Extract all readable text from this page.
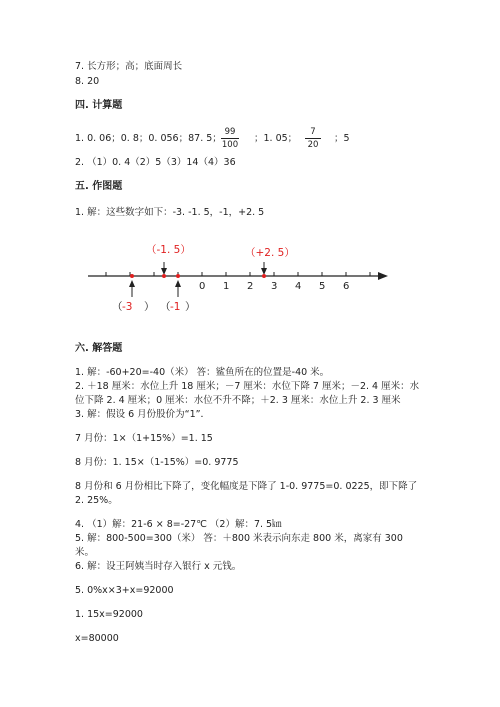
7. 长方形；高；底面周长
8. 20
四. 计算题
1. 0. 06；0. 8；0. 056；87. 5；
99
100
；1. 05；
7
20
；5
2. （1）0. 4（2）5（3）14（4）36
五. 作图题
1. 解：这些数字如下：-3. -1. 5，-1，+2. 5
0 1 2 3 4 5 6
（-1. 5）	（+2. 5）
（ -3 ） （ -1 ）
六. 解答题
1. 解：-60+20=-40（米） 答：鲨鱼所在的位置是-40 米。
2. ＋18 厘米：水位上升 18 厘米；－7 厘米：水位下降 7 厘米；－2. 4 厘米：水
位下降 2. 4 厘米；0 厘米：水位不升不降；＋2. 3 厘米：水位上升 2. 3 厘米
3. 解：假设 6 月份股价为“1”．
7 月份：1×（1+15%）=1. 15
8 月份：1. 15×（1-15%）=0. 9775
8 月份和 6 月份相比下降了，变化幅度是下降了 1-0. 9775=0. 0225，即下降了
2. 25%。
4. （1）解：21-6 × 8=-27℃ （2）解：7. 5㎞
5. 解：800-500=300（米） 答：＋800 米表示向东走 800 米，离家有 300
米。
6. 解：设王阿姨当时存入银行 x 元钱。
5. 0%x×3+x=92000
1. 15x=92000
x=80000
